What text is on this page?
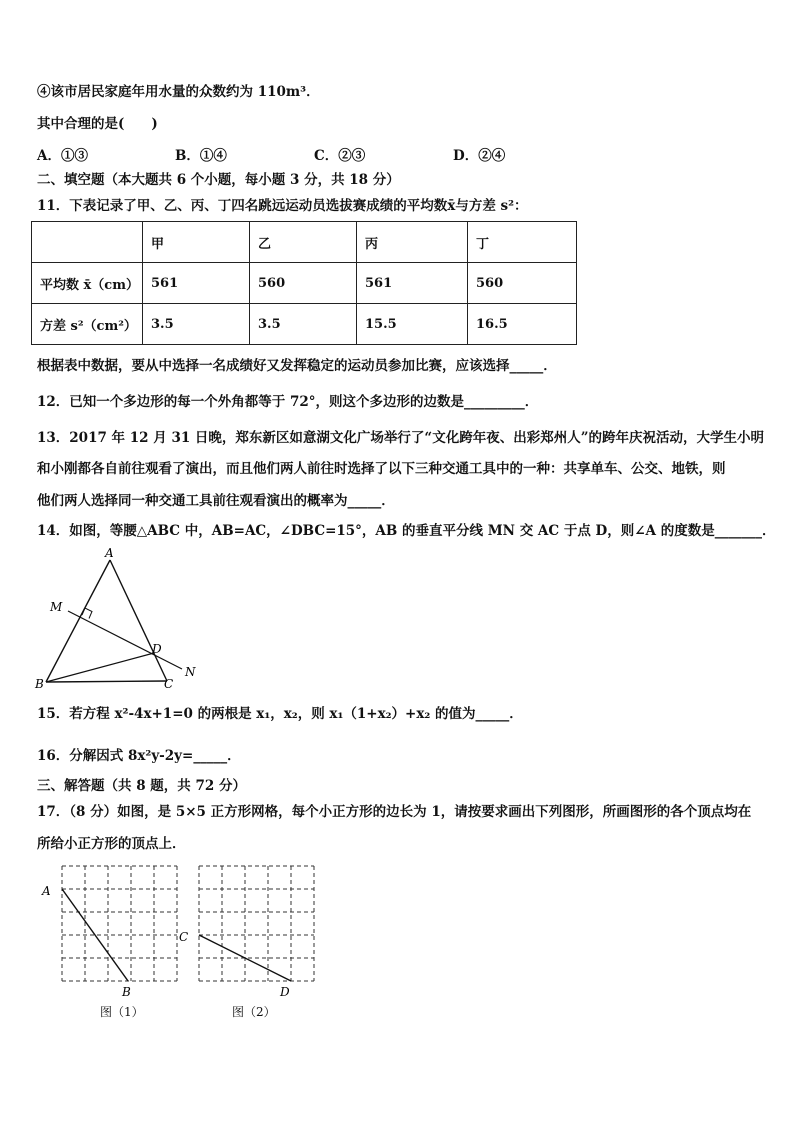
④该市居民家庭年用水量的众数约为 110m³．
其中合理的是(　　)
A．①③	B．①④	C．②③	D．②④
二、填空题（本大题共 6 个小题，每小题 3 分，共 18 分）
11．下表记录了甲、乙、丙、丁四名跳远运动员选拔赛成绩的平均数x̄与方差 s²：
	甲	乙	丙	丁
平均数 x̄（cm）	561	560	561	560
方差 s²（cm²）	3.5	3.5	15.5	16.5
根据表中数据，要从中选择一名成绩好又发挥稳定的运动员参加比赛，应该选择_____．
12．已知一个多边形的每一个外角都等于 72°，则这个多边形的边数是_________．
13．2017 年 12 月 31 日晚，郑东新区如意湖文化广场举行了“文化跨年夜、出彩郑州人”的跨年庆祝活动，大学生小明
和小刚都各自前往观看了演出，而且他们两人前往时选择了以下三种交通工具中的一种：共享单车、公交、地铁，则
他们两人选择同一种交通工具前往观看演出的概率为_____．
14．如图，等腰△ABC 中，AB=AC，∠DBC=15°，AB 的垂直平分线 MN 交 AC 于点 D，则∠A 的度数是_______．
A
M
D
N
B	C
15．若方程 x²-4x+1=0 的两根是 x₁，x₂，则 x₁（1+x₂）+x₂ 的值为_____．
16．分解因式 8x²y-2y=_____．
三、解答题（共 8 题，共 72 分）
17．（8 分）如图，是 5×5 正方形网格，每个小正方形的边长为 1，请按要求画出下列图形，所画图形的各个顶点均在
所给小正方形的顶点上．
A
B
C
D
图（1）	图（2）
